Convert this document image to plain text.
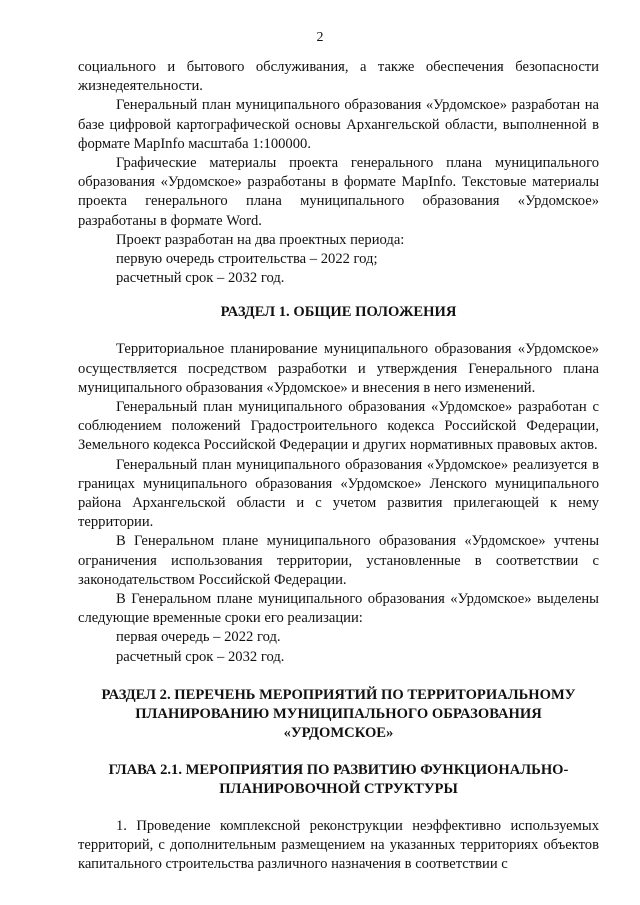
2

социального и бытового обслуживания, а также обеспечения безопасности жизнедеятельности.

Генеральный план муниципального образования «Урдомское» разработан на базе цифровой картографической основы Архангельской области, выполненной в формате MapInfo масштаба 1:100000.

Графические материалы проекта генерального плана муниципального образования «Урдомское» разработаны в формате MapInfo. Текстовые материалы проекта генерального плана муниципального образования «Урдомское» разработаны в формате Word.

Проект разработан на два проектных периода:

первую очередь строительства – 2022 год;

расчетный срок – 2032 год.

РАЗДЕЛ 1. ОБЩИЕ ПОЛОЖЕНИЯ

Территориальное планирование муниципального образования «Урдомское» осуществляется посредством разработки и утверждения Генерального плана муниципального образования «Урдомское» и внесения в него изменений.

Генеральный план муниципального образования «Урдомское» разработан с соблюдением положений Градостроительного кодекса Российской Федерации, Земельного кодекса Российской Федерации и других нормативных правовых актов.

Генеральный план муниципального образования «Урдомское» реализуется в границах муниципального образования «Урдомское» Ленского муниципального района Архангельской области и с учетом развития прилегающей к нему территории.

В Генеральном плане муниципального образования «Урдомское» учтены ограничения использования территории, установленные в соответствии с законодательством Российской Федерации.

В Генеральном плане муниципального образования «Урдомское» выделены следующие временные сроки его реализации:

первая очередь – 2022 год.

расчетный срок – 2032 год.

РАЗДЕЛ 2. ПЕРЕЧЕНЬ МЕРОПРИЯТИЙ ПО ТЕРРИТОРИАЛЬНОМУ
ПЛАНИРОВАНИЮ МУНИЦИПАЛЬНОГО ОБРАЗОВАНИЯ
«УРДОМСКОЕ»
ГЛАВА 2.1. МЕРОПРИЯТИЯ ПО РАЗВИТИЮ ФУНКЦИОНАЛЬНО-
ПЛАНИРОВОЧНОЙ СТРУКТУРЫ

1. Проведение комплексной реконструкции неэффективно используемых территорий, с дополнительным размещением на указанных территориях объектов капитального строительства различного назначения в соответствии с
